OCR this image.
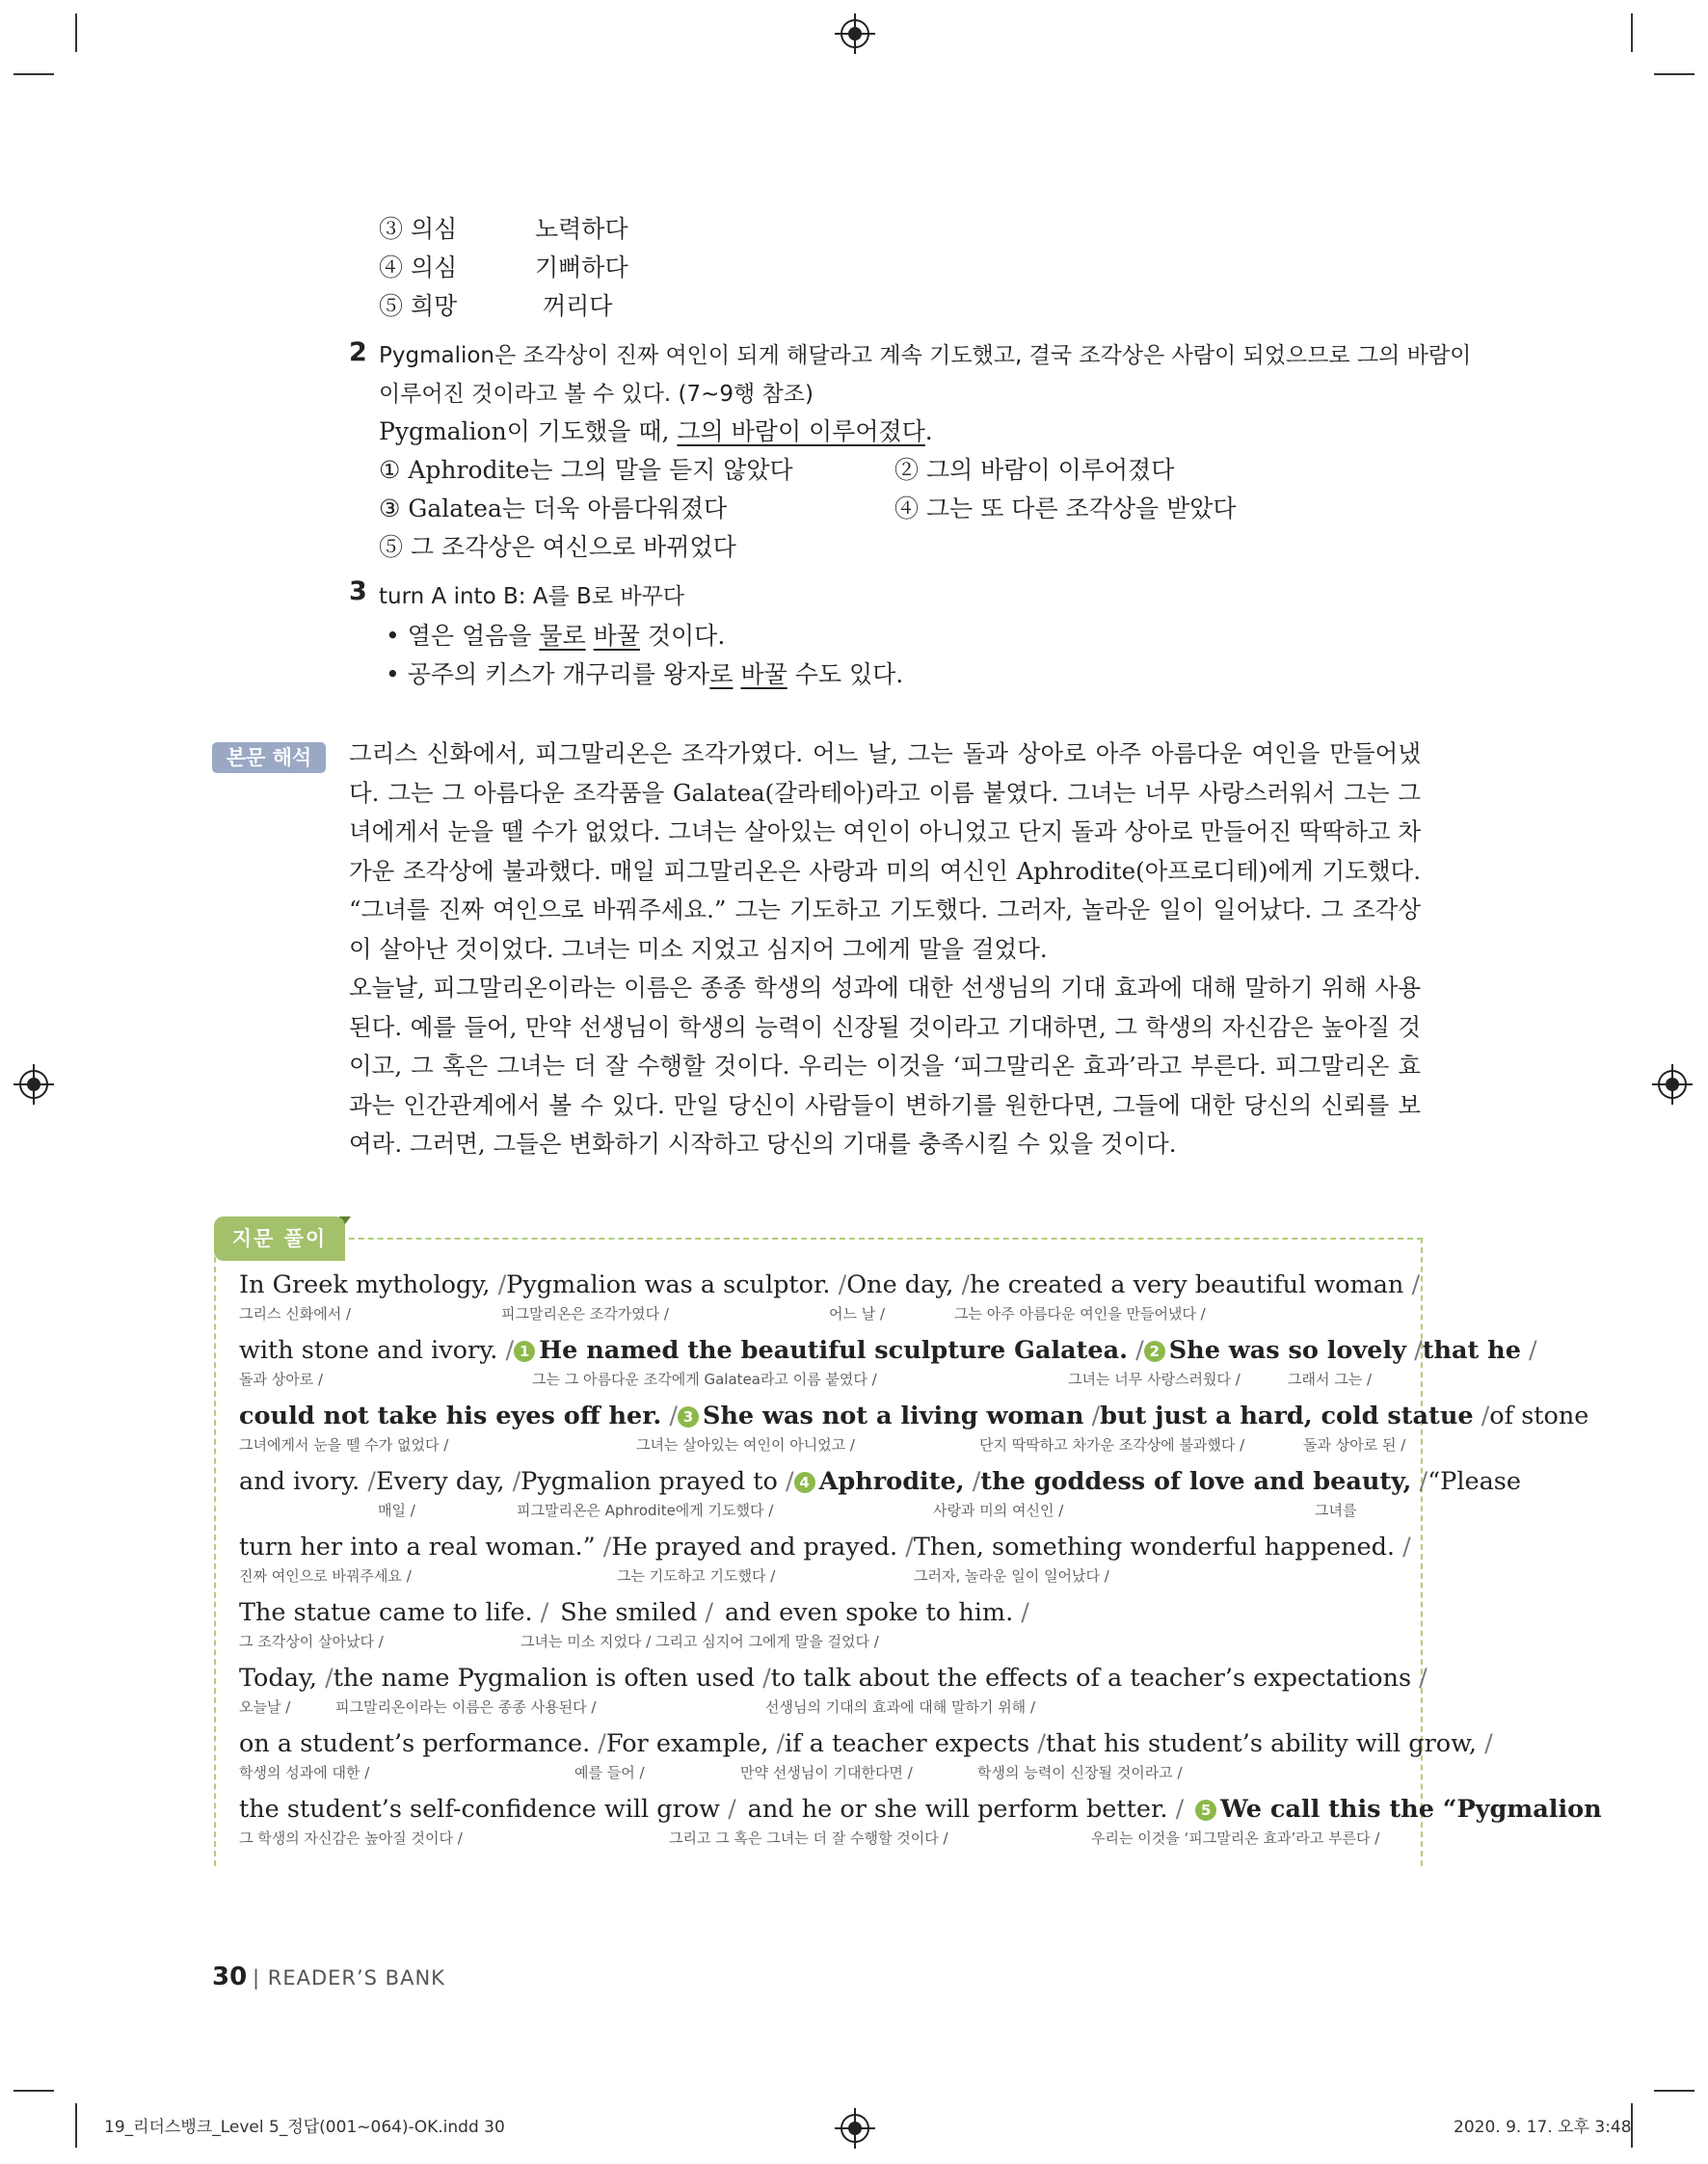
③ 의심	노력하다
④ 의심	기뻐하다
⑤ 희망	꺼리다
2 Pygmalion은 조각상이 진짜 여인이 되게 해달라고 계속 기도했고, 결국 조각상은 사람이 되었으므로 그의 바람이
이루어진 것이라고 볼 수 있다. (7~9행 참조)
Pygmalion이 기도했을 때, 그의 바람이 이루어졌다.
① Aphrodite는 그의 말을 듣지 않았다	② 그의 바람이 이루어졌다
③ Galatea는 더욱 아름다워졌다	④ 그는 또 다른 조각상을 받았다
⑤ 그 조각상은 여신으로 바뀌었다
3 turn A into B: A를 B로 바꾸다
• 열은 얼음을 물로 바꿀 것이다.
• 공주의 키스가 개구리를 왕자로 바꿀 수도 있다.
본문 해석	그리스 신화에서, 피그말리온은 조각가였다. 어느 날, 그는 돌과 상아로 아주 아름다운 여인을 만들어냈다. 그는 그 아름다운 조각품을 Galatea(갈라테아)라고 이름 붙였다. 그녀는 너무 사랑스러워서 그는 그녀에게서 눈을 뗄 수가 없었다. 그녀는 살아있는 여인이 아니었고 단지 돌과 상아로 만들어진 딱딱하고 차가운 조각상에 불과했다. 매일 피그말리온은 사랑과 미의 여신인 Aphrodite(아프로디테)에게 기도했다. “그녀를 진짜 여인으로 바꿔주세요.” 그는 기도하고 기도했다. 그러자, 놀라운 일이 일어났다. 그 조각상이 살아난 것이었다. 그녀는 미소 지었고 심지어 그에게 말을 걸었다.

오늘날, 피그말리온이라는 이름은 종종 학생의 성과에 대한 선생님의 기대 효과에 대해 말하기 위해 사용된다. 예를 들어, 만약 선생님이 학생의 능력이 신장될 것이라고 기대하면, 그 학생의 자신감은 높아질 것이고, 그 혹은 그녀는 더 잘 수행할 것이다. 우리는 이것을 ‘피그말리온 효과’라고 부른다. 피그말리온 효과는 인간관계에서 볼 수 있다. 만일 당신이 사람들이 변하기를 원한다면, 그들에 대한 당신의 신뢰를 보여라. 그러면, 그들은 변화하기 시작하고 당신의 기대를 충족시킬 수 있을 것이다.

지문 풀이
In Greek mythology, / Pygmalion was a sculptor. / One day, / he created a very beautiful woman /
그리스 신화에서 /	피그말리온은 조각가였다 /	어느 날 /	그는 아주 아름다운 여인을 만들어냈다 /
with stone and ivory. / 1 He named the beautiful sculpture Galatea. / 2 She was so lovely / that he /
돌과 상아로 /	그는 그 아름다운 조각에게 Galatea라고 이름 붙였다 /	그녀는 너무 사랑스러웠다 /	그래서 그는 /
could not take his eyes off her. / 3 She was not a living woman / but just a hard, cold statue / of stone
그녀에게서 눈을 뗄 수가 없었다 /	그녀는 살아있는 여인이 아니었고 /	단지 딱딱하고 차가운 조각상에 불과했다 /	돌과 상아로 된 /
and ivory. / Every day, / Pygmalion prayed to / 4 Aphrodite, / the goddess of love and beauty, / “Please
매일 /	피그말리온은 Aphrodite에게 기도했다 /	사랑과 미의 여신인 /	그녀를
turn her into a real woman.” / He prayed and prayed. / Then, something wonderful happened. /
진짜 여인으로 바꿔주세요 /	그는 기도하고 기도했다 /	그러자, 놀라운 일이 일어났다 /
The statue came to life. / She smiled / and even spoke to him. /
그 조각상이 살아났다 /	그녀는 미소 지었다 / 그리고 심지어 그에게 말을 걸었다 /
Today, / the name Pygmalion is often used / to talk about the effects of a teacher’s expectations /
오늘날 /	피그말리온이라는 이름은 종종 사용된다 /	선생님의 기대의 효과에 대해 말하기 위해 /
on a student’s performance. / For example, / if a teacher expects / that his student’s ability will grow, /
학생의 성과에 대한 /	예를 들어 /	만약 선생님이 기대한다면 /	학생의 능력이 신장될 것이라고 /
the student’s self-confidence will grow / and he or she will perform better. /	5 We call this the “Pygmalion
그 학생의 자신감은 높아질 것이다 /	그리고 그 혹은 그녀는 더 잘 수행할 것이다 /	우리는 이것을 ‘피그말리온 효과’라고 부른다 /
30 | READER’S BANK
19_리더스뱅크_Level 5_정답(001~064)-OK.indd 30	2020. 9. 17. 오후 3:48
